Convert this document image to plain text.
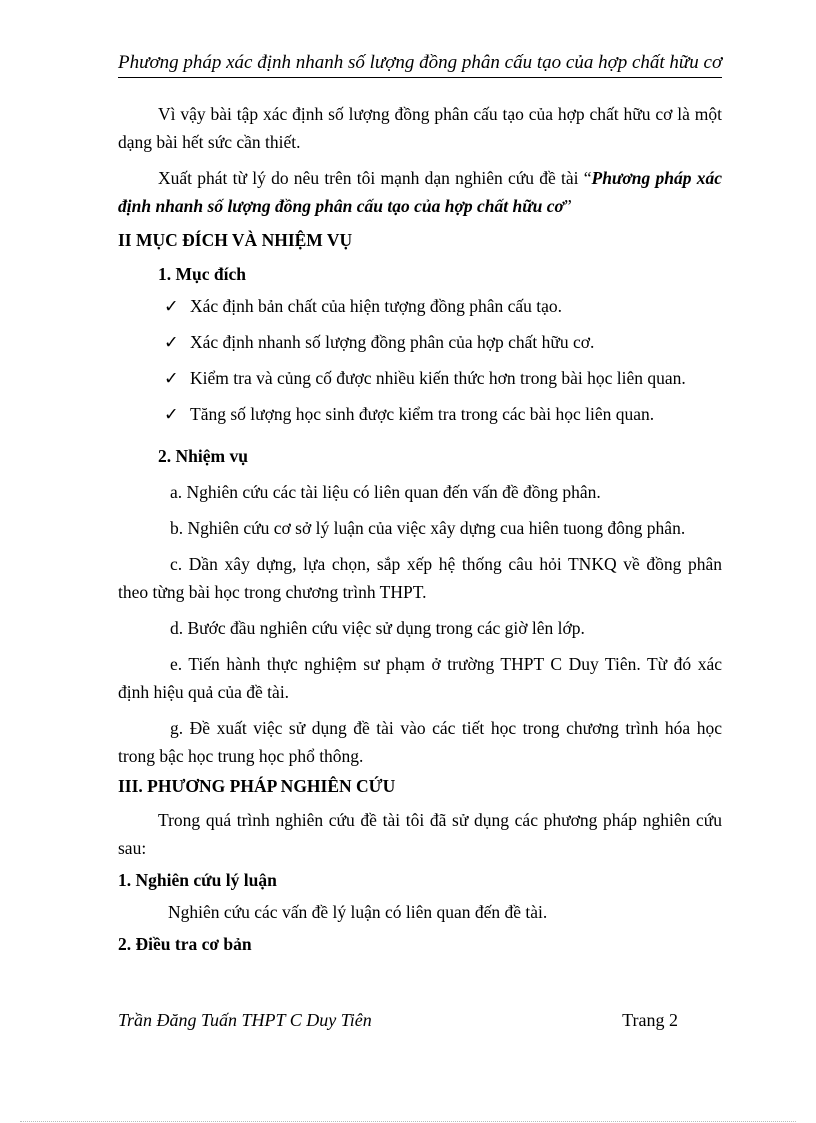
Phương pháp xác định nhanh số lượng đồng phân cấu tạo của hợp chất hữu cơ

Vì vậy bài tập xác định số lượng đồng phân cấu tạo của hợp chất hữu cơ là một dạng bài hết sức cần thiết.

Xuất phát từ lý do nêu trên tôi mạnh dạn nghiên cứu đề tài “Phương pháp xác định nhanh số lượng đồng phân cấu tạo của hợp chất hữu cơ”

II MỤC ĐÍCH VÀ NHIỆM VỤ

1. Mục đích

✓ Xác định bản chất của hiện tượng đồng phân cấu tạo.
✓ Xác định nhanh số lượng đồng phân của hợp chất hữu cơ.
✓ Kiểm tra và củng cố được nhiều kiến thức hơn trong bài học liên quan.
✓ Tăng số lượng học sinh được kiểm tra trong các bài học liên quan.

2. Nhiệm vụ

a. Nghiên cứu các tài liệu có liên quan đến vấn đề đồng phân.

b. Nghiên cứu cơ sở lý luận của việc xây dựng cua hiên tuong đông phân.

c. Dần xây dựng, lựa chọn, sắp xếp hệ thống câu hỏi TNKQ về đồng phân theo từng bài học trong chương trình THPT.

d. Bước đầu nghiên cứu việc sử dụng trong các giờ lên lớp.

e. Tiến hành thực nghiệm sư phạm ở trường THPT C Duy Tiên. Từ đó xác định hiệu quả của đề tài.

g. Đề xuất việc sử dụng đề tài vào các tiết học trong chương trình hóa học trong bậc học trung học phổ thông.

III. PHƯƠNG PHÁP NGHIÊN CỨU

Trong quá trình nghiên cứu đề tài tôi đã sử dụng các phương pháp nghiên cứu sau:

1. Nghiên cứu lý luận

Nghiên cứu các vấn đề lý luận có liên quan đến đề tài.

2. Điều tra cơ bản

Trần Đăng Tuấn THPT C Duy Tiên	Trang 2
